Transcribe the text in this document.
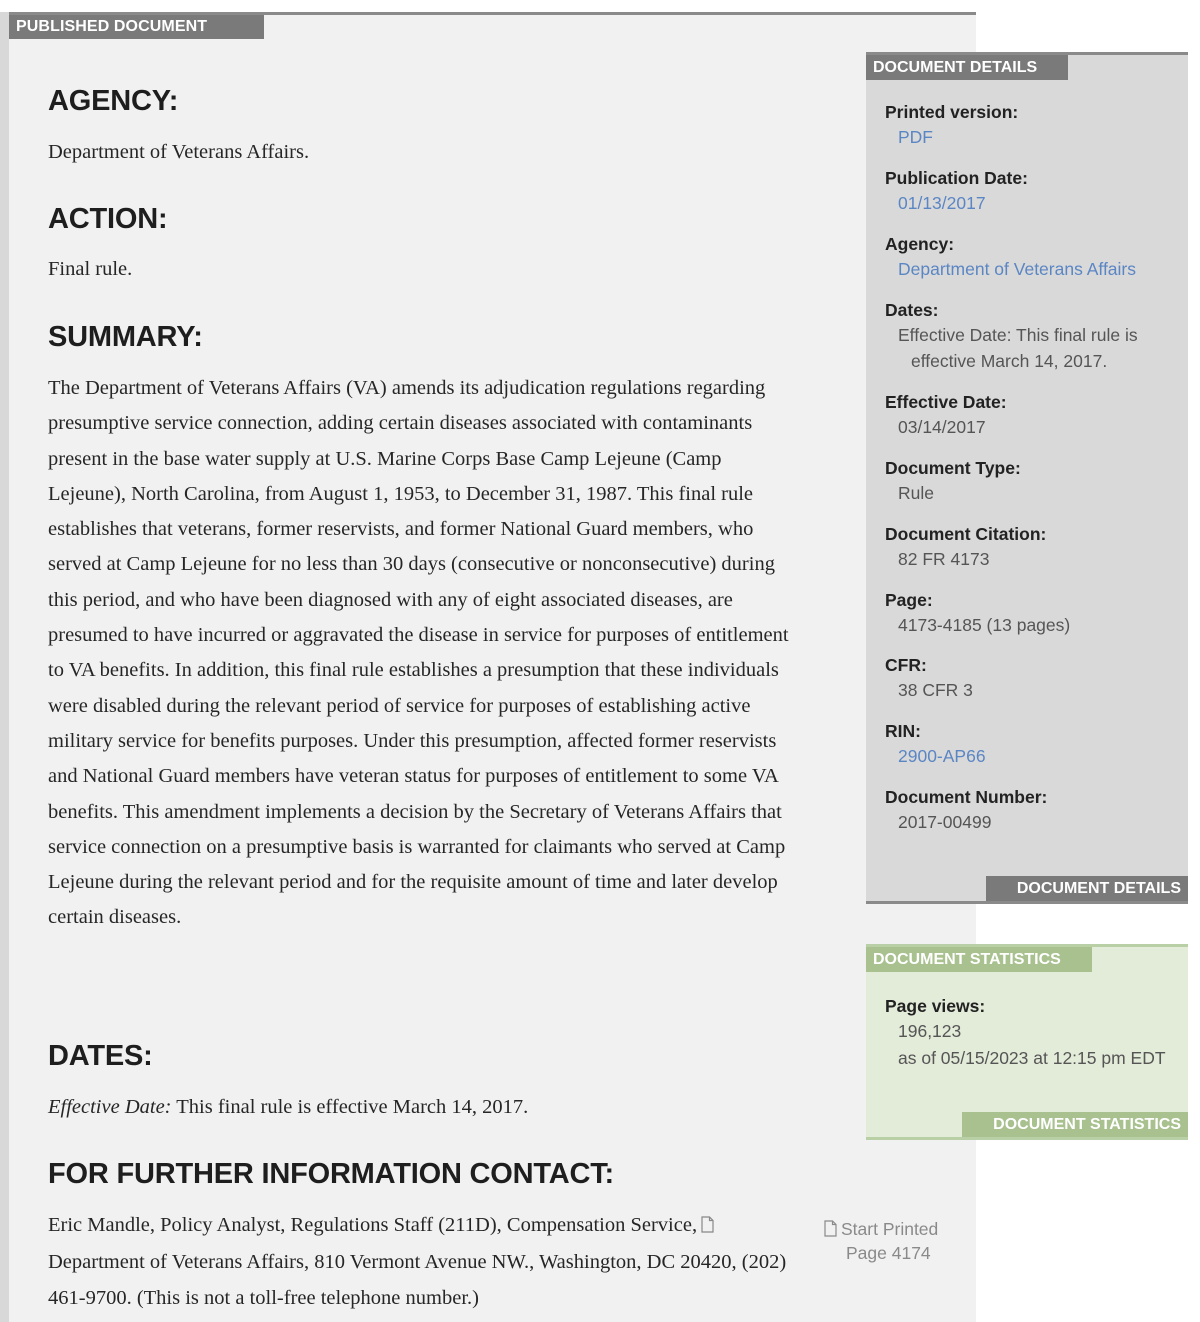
PUBLISHED DOCUMENT
AGENCY:

Department of Veterans Affairs.

ACTION:

Final rule.

SUMMARY:

The Department of Veterans Affairs (VA) amends its adjudication regulations regarding presumptive service connection, adding certain diseases associated with contaminants present in the base water supply at U.S. Marine Corps Base Camp Lejeune (Camp Lejeune), North Carolina, from August 1, 1953, to December 31, 1987. This final rule establishes that veterans, former reservists, and former National Guard members, who served at Camp Lejeune for no less than 30 days (consecutive or nonconsecutive) during this period, and who have been diagnosed with any of eight associated diseases, are presumed to have incurred or aggravated the disease in service for purposes of entitlement to VA benefits. In addition, this final rule establishes a presumption that these individuals were disabled during the relevant period of service for purposes of establishing active military service for benefits purposes. Under this presumption, affected former reservists and National Guard members have veteran status for purposes of entitlement to some VA benefits. This amendment implements a decision by the Secretary of Veterans Affairs that service connection on a presumptive basis is warranted for claimants who served at Camp Lejeune during the relevant period and for the requisite amount of time and later develop certain diseases.

DATES:

Effective Date: This final rule is effective March 14, 2017.

FOR FURTHER INFORMATION CONTACT:

Eric Mandle, Policy Analyst, Regulations Staff (211D), Compensation Service, Department of Veterans Affairs, 810 Vermont Avenue NW., Washington, DC 20420, (202) 461-9700. (This is not a toll-free telephone number.)

Start Printed
Page 4174
DOCUMENT DETAILS
Printed version:
PDF
Publication Date:
01/13/2017
Agency:
Department of Veterans Affairs
Dates:
Effective Date: This final rule is
effective March 14, 2017.
Effective Date:
03/14/2017
Document Type:
Rule
Document Citation:
82 FR 4173
Page:
4173-4185 (13 pages)
CFR:
38 CFR 3
RIN:
2900-AP66
Document Number:
2017-00499
DOCUMENT DETAILS
DOCUMENT STATISTICS
Page views:
196,123
as of 05/15/2023 at 12:15 pm EDT
DOCUMENT STATISTICS
